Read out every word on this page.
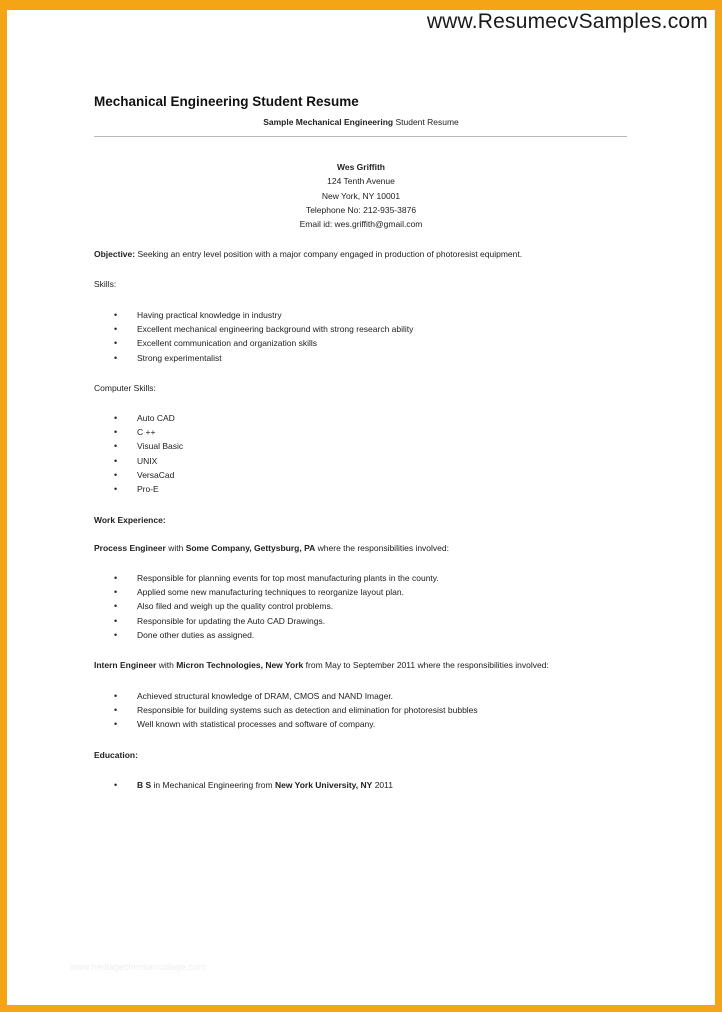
www.ResumecvSamples.com
Mechanical Engineering Student Resume
Sample Mechanical Engineering Student Resume
Wes Griffith
124 Tenth Avenue
New York, NY 10001
Telephone No: 212-935-3876
Email id: wes.griffith@gmail.com
Objective: Seeking an entry level position with a major company engaged in production of photoresist equipment.
Skills:
• Having practical knowledge in industry
• Excellent mechanical engineering background with strong research ability
• Excellent communication and organization skills
• Strong experimentalist
Computer Skills:
• Auto CAD
• C ++
• Visual Basic
• UNIX
• VersaCad
• Pro-E
Work Experience:
Process Engineer with Some Company, Gettysburg, PA where the responsibilities involved:
• Responsible for planning events for top most manufacturing plants in the county.
• Applied some new manufacturing techniques to reorganize layout plan.
• Also filed and weigh up the quality control problems.
• Responsible for updating the Auto CAD Drawings.
• Done other duties as assigned.
Intern Engineer with Micron Technologies, New York from May to September 2011 where the responsibilities involved:
• Achieved structural knowledge of DRAM, CMOS and NAND Imager.
• Responsible for building systems such as detection and elimination for photoresist bubbles
• Well known with statistical processes and software of company.
Education:
• B S in Mechanical Engineering from New York University, NY 2011
www.heritagechristiancollege.com
